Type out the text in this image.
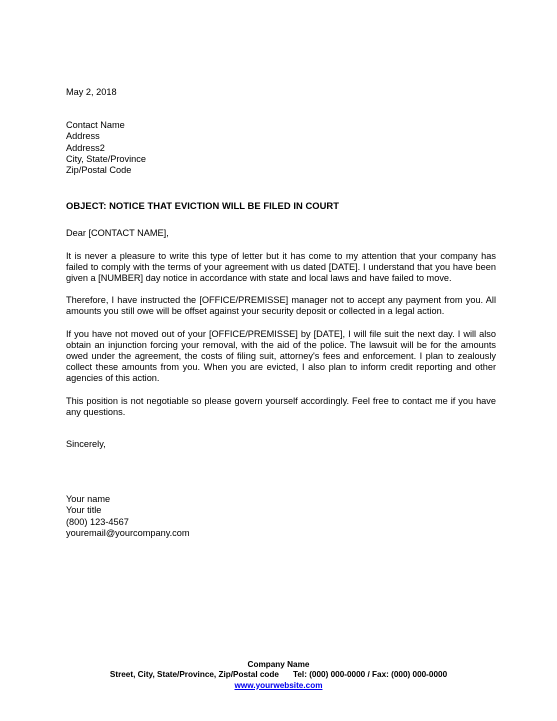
May 2, 2018
Contact Name
Address
Address2
City, State/Province
Zip/Postal Code
OBJECT: NOTICE THAT EVICTION WILL BE FILED IN COURT
Dear [CONTACT NAME],
It is never a pleasure to write this type of letter but it has come to my attention that your company has failed to comply with the terms of your agreement with us dated [DATE]. I understand that you have been given a [NUMBER] day notice in accordance with state and local laws and have failed to move.
Therefore, I have instructed the [OFFICE/PREMISSE] manager not to accept any payment from you. All amounts you still owe will be offset against your security deposit or collected in a legal action.
If you have not moved out of your [OFFICE/PREMISSE] by [DATE], I will file suit the next day. I will also obtain an injunction forcing your removal, with the aid of the police. The lawsuit will be for the amounts owed under the agreement, the costs of filing suit, attorney's fees and enforcement. I plan to zealously collect these amounts from you. When you are evicted, I also plan to inform credit reporting and other agencies of this action.
This position is not negotiable so please govern yourself accordingly. Feel free to contact me if you have any questions.
Sincerely,
Your name
Your title
(800) 123-4567
youremail@yourcompany.com
Company Name
Street, City, State/Province, Zip/Postal code Tel: (000) 000-0000 / Fax: (000) 000-0000
www.yourwebsite.com
